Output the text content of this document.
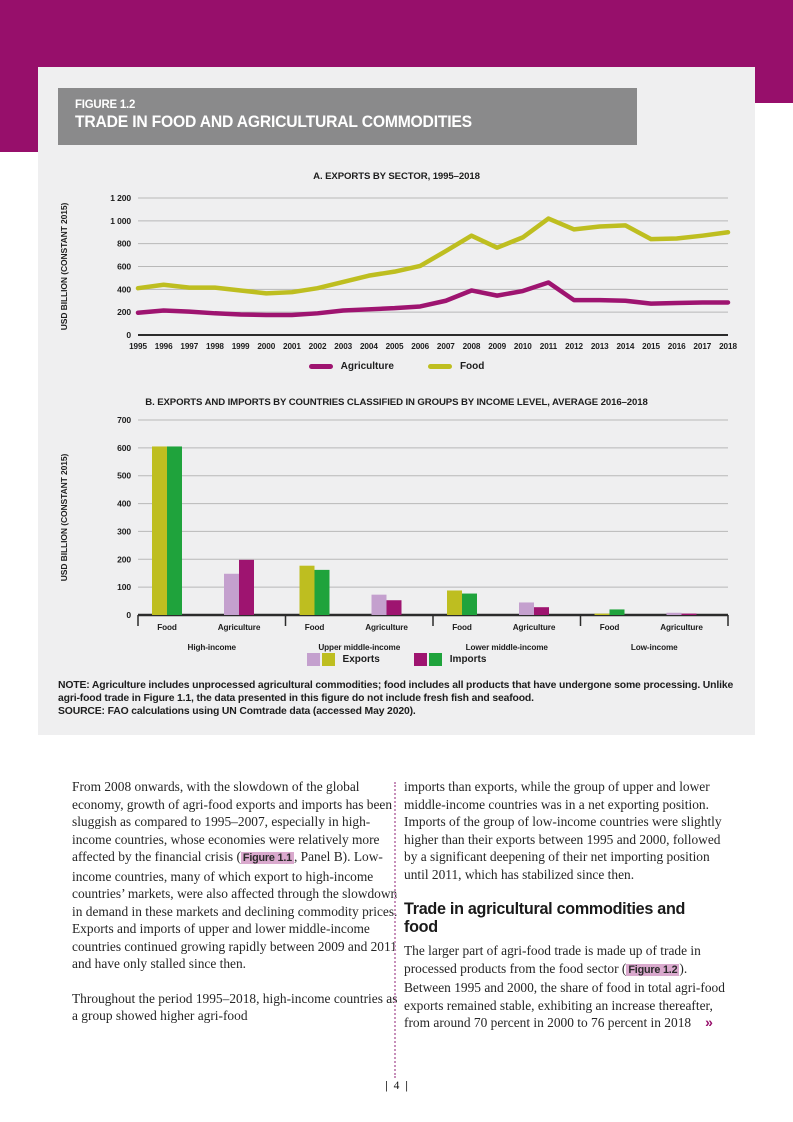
FIGURE 1.2
TRADE IN FOOD AND AGRICULTURAL COMMODITIES
A. EXPORTS BY SECTOR, 1995–2018
0
200
400
600
800
1 000
1 200
1995 1996 1997 1998 1999 2000 2001 2002 2003 2004 2005 2006 2007 2008 2009 2010 2011 2012 2013 2014 2015 2016 2017 2018
USD BILLION (CONSTANT 2015)
Agriculture	Food
B. EXPORTS AND IMPORTS BY COUNTRIES CLASSIFIED IN GROUPS BY INCOME LEVEL, AVERAGE 2016–2018
100
200
300
400
500
600
700
0
Food	Agriculture
High-income
Food	Agriculture
Upper middle-income
Food	Agriculture
Lower middle-income
Food	Agriculture
Low-income
USD BILLION (CONSTANT 2015)
Exports	Imports
NOTE: Agriculture includes unprocessed agricultural commodities; food includes all products that have undergone some processing. Unlike agri-food trade in Figure 1.1, the data presented in this figure do not include fresh fish and seafood.
SOURCE: FAO calculations using UN Comtrade data (accessed May 2020).

From 2008 onwards, with the slowdown of the global economy, growth of agri-food exports and imports has been sluggish as compared to 1995–2007, especially in high-income countries, whose economies were relatively more affected by the financial crisis ( Figure 1.1 , Panel B). Low-income countries, many of which export to high-income countries’ markets, were also affected through the slowdown in demand in these markets and declining commodity prices. Exports and imports of upper and lower middle-income countries continued growing rapidly between 2009 and 2011 and have only stalled since then.

Throughout the period 1995–2018, high-income countries as a group showed higher agri-food

imports than exports, while the group of upper and lower middle-income countries was in a net exporting position. Imports of the group of low-income countries were slightly higher than their exports between 1995 and 2000, followed by a significant deepening of their net importing position until 2011, which has stabilized since then.

Trade in agricultural commodities and food

The larger part of agri-food trade is made up of trade in processed products from the food sector ( Figure 1.2 ). Between 1995 and 2000, the share of food in total agri-food exports remained stable, exhibiting an increase thereafter, from around 70 percent in 2000 to 76 percent in 2018 »

| 4 |
